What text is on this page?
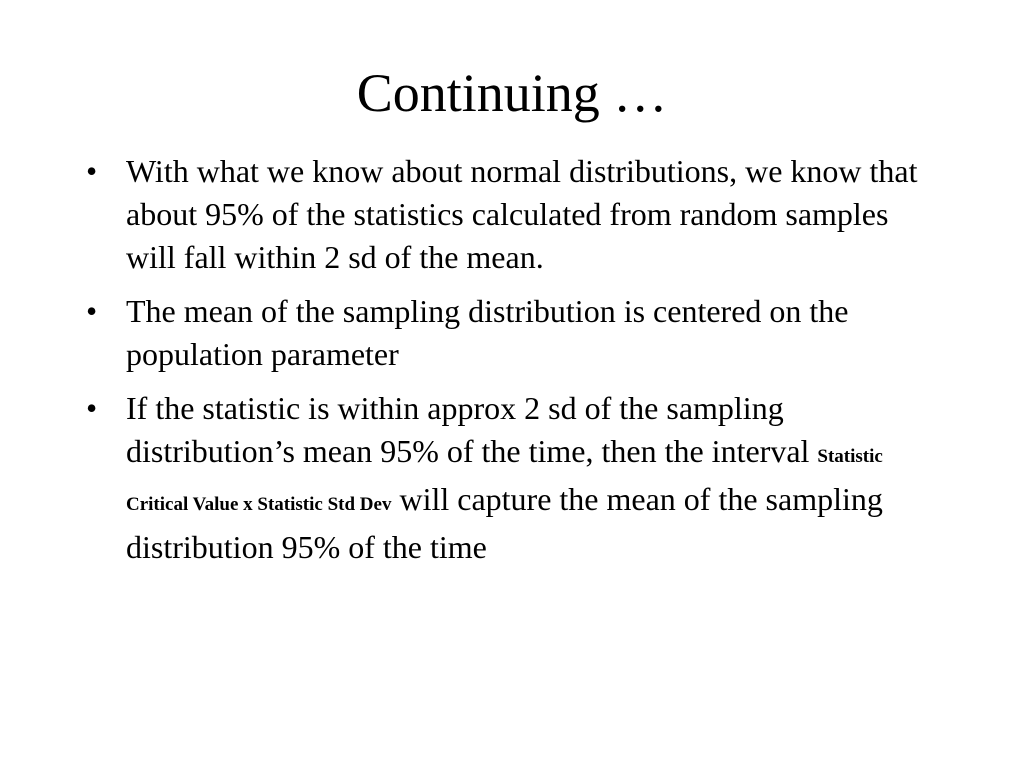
Continuing …
• With what we know about normal distributions, we know that about 95% of the statistics calculated from random samples will fall within 2 sd of the mean.
• The mean of the sampling distribution is centered on the population parameter
• If the statistic is within approx 2 sd of the sampling distribution’s mean 95% of the time, then the interval StatisticCritical Value x Statistic Std Dev will capture the mean of the sampling distribution 95% of the time
